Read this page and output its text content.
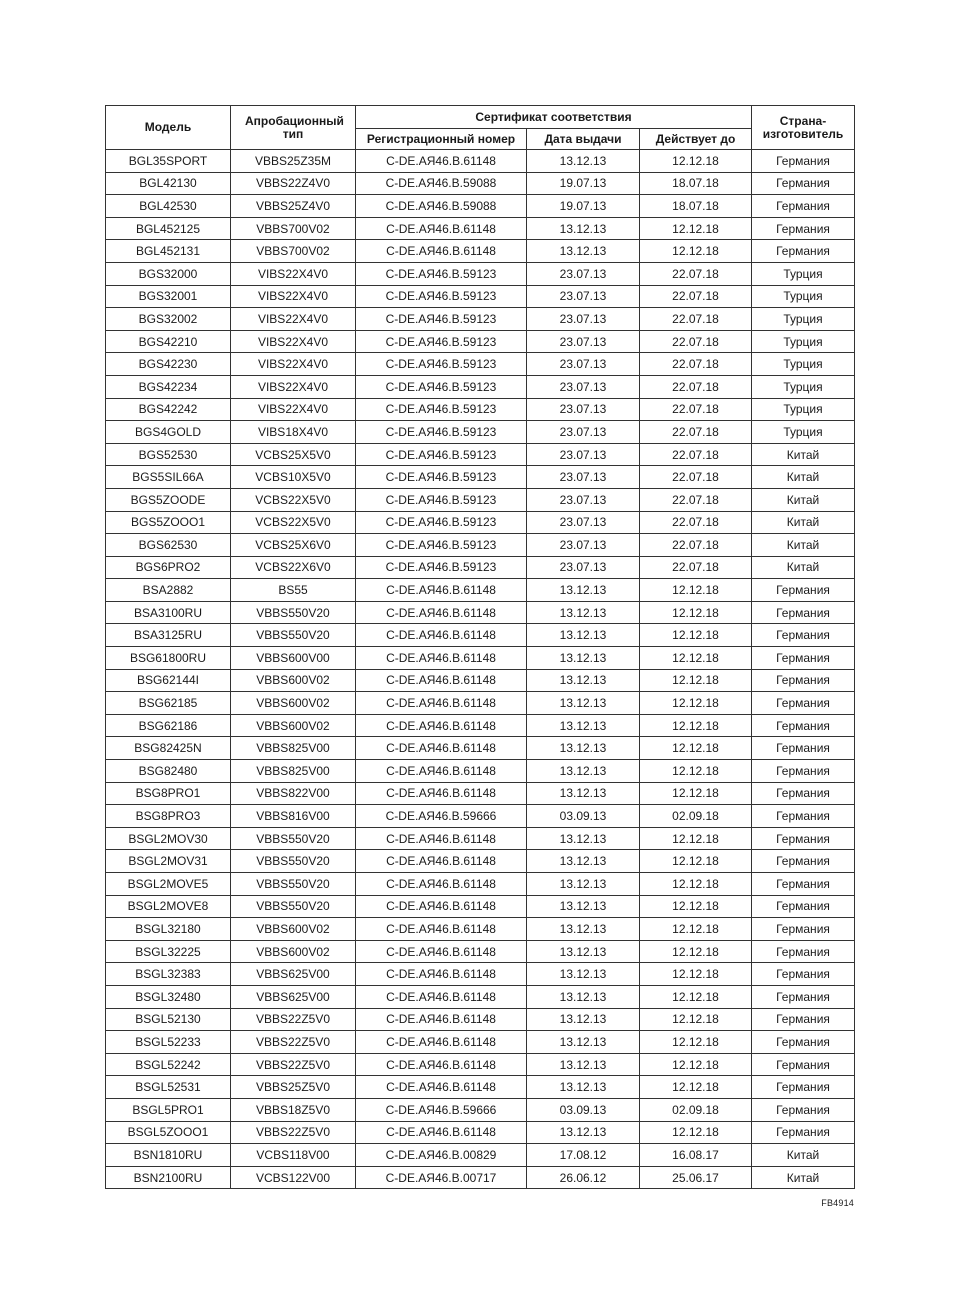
Модель	Апробационный тип	Сертификат соответствия			Страна-изготовитель
		Регистрационный номер	Дата выдачи	Действует до	
BGL35SPORT	VBBS25Z35M	C-DE.АЯ46.В.61148	13.12.13	12.12.18	Германия
BGL42130	VBBS22Z4V0	C-DE.АЯ46.В.59088	19.07.13	18.07.18	Германия
BGL42530	VBBS25Z4V0	C-DE.АЯ46.В.59088	19.07.13	18.07.18	Германия
BGL452125	VBBS700V02	C-DE.АЯ46.В.61148	13.12.13	12.12.18	Германия
BGL452131	VBBS700V02	C-DE.АЯ46.В.61148	13.12.13	12.12.18	Германия
BGS32000	VIBS22X4V0	C-DE.АЯ46.В.59123	23.07.13	22.07.18	Турция
BGS32001	VIBS22X4V0	C-DE.АЯ46.В.59123	23.07.13	22.07.18	Турция
BGS32002	VIBS22X4V0	C-DE.АЯ46.В.59123	23.07.13	22.07.18	Турция
BGS42210	VIBS22X4V0	C-DE.АЯ46.В.59123	23.07.13	22.07.18	Турция
BGS42230	VIBS22X4V0	C-DE.АЯ46.В.59123	23.07.13	22.07.18	Турция
BGS42234	VIBS22X4V0	C-DE.АЯ46.В.59123	23.07.13	22.07.18	Турция
BGS42242	VIBS22X4V0	C-DE.АЯ46.В.59123	23.07.13	22.07.18	Турция
BGS4GOLD	VIBS18X4V0	C-DE.АЯ46.В.59123	23.07.13	22.07.18	Турция
BGS52530	VCBS25X5V0	C-DE.АЯ46.В.59123	23.07.13	22.07.18	Китай
BGS5SIL66A	VCBS10X5V0	C-DE.АЯ46.В.59123	23.07.13	22.07.18	Китай
BGS5ZOODE	VCBS22X5V0	C-DE.АЯ46.В.59123	23.07.13	22.07.18	Китай
BGS5ZOOO1	VCBS22X5V0	C-DE.АЯ46.В.59123	23.07.13	22.07.18	Китай
BGS62530	VCBS25X6V0	C-DE.АЯ46.В.59123	23.07.13	22.07.18	Китай
BGS6PRO2	VCBS22X6V0	C-DE.АЯ46.В.59123	23.07.13	22.07.18	Китай
BSA2882	BS55	C-DE.АЯ46.В.61148	13.12.13	12.12.18	Германия
BSA3100RU	VBBS550V20	C-DE.АЯ46.В.61148	13.12.13	12.12.18	Германия
BSA3125RU	VBBS550V20	C-DE.АЯ46.В.61148	13.12.13	12.12.18	Германия
BSG61800RU	VBBS600V00	C-DE.АЯ46.В.61148	13.12.13	12.12.18	Германия
BSG62144I	VBBS600V02	C-DE.АЯ46.В.61148	13.12.13	12.12.18	Германия
BSG62185	VBBS600V02	C-DE.АЯ46.В.61148	13.12.13	12.12.18	Германия
BSG62186	VBBS600V02	C-DE.АЯ46.В.61148	13.12.13	12.12.18	Германия
BSG82425N	VBBS825V00	C-DE.АЯ46.В.61148	13.12.13	12.12.18	Германия
BSG82480	VBBS825V00	C-DE.АЯ46.В.61148	13.12.13	12.12.18	Германия
BSG8PRO1	VBBS822V00	C-DE.АЯ46.В.61148	13.12.13	12.12.18	Германия
BSG8PRO3	VBBS816V00	C-DE.АЯ46.В.59666	03.09.13	02.09.18	Германия
BSGL2MOV30	VBBS550V20	C-DE.АЯ46.В.61148	13.12.13	12.12.18	Германия
BSGL2MOV31	VBBS550V20	C-DE.АЯ46.В.61148	13.12.13	12.12.18	Германия
BSGL2MOVE5	VBBS550V20	C-DE.АЯ46.В.61148	13.12.13	12.12.18	Германия
BSGL2MOVE8	VBBS550V20	C-DE.АЯ46.В.61148	13.12.13	12.12.18	Германия
BSGL32180	VBBS600V02	C-DE.АЯ46.В.61148	13.12.13	12.12.18	Германия
BSGL32225	VBBS600V02	C-DE.АЯ46.В.61148	13.12.13	12.12.18	Германия
BSGL32383	VBBS625V00	C-DE.АЯ46.В.61148	13.12.13	12.12.18	Германия
BSGL32480	VBBS625V00	C-DE.АЯ46.В.61148	13.12.13	12.12.18	Германия
BSGL52130	VBBS22Z5V0	C-DE.АЯ46.В.61148	13.12.13	12.12.18	Германия
BSGL52233	VBBS22Z5V0	C-DE.АЯ46.В.61148	13.12.13	12.12.18	Германия
BSGL52242	VBBS22Z5V0	C-DE.АЯ46.В.61148	13.12.13	12.12.18	Германия
BSGL52531	VBBS25Z5V0	C-DE.АЯ46.В.61148	13.12.13	12.12.18	Германия
BSGL5PRO1	VBBS18Z5V0	C-DE.АЯ46.В.59666	03.09.13	02.09.18	Германия
BSGL5ZOOO1	VBBS22Z5V0	C-DE.АЯ46.В.61148	13.12.13	12.12.18	Германия
BSN1810RU	VCBS118V00	C-DE.АЯ46.В.00829	17.08.12	16.08.17	Китай
BSN2100RU	VCBS122V00	C-DE.АЯ46.В.00717	26.06.12	25.06.17	Китай
FB4914
